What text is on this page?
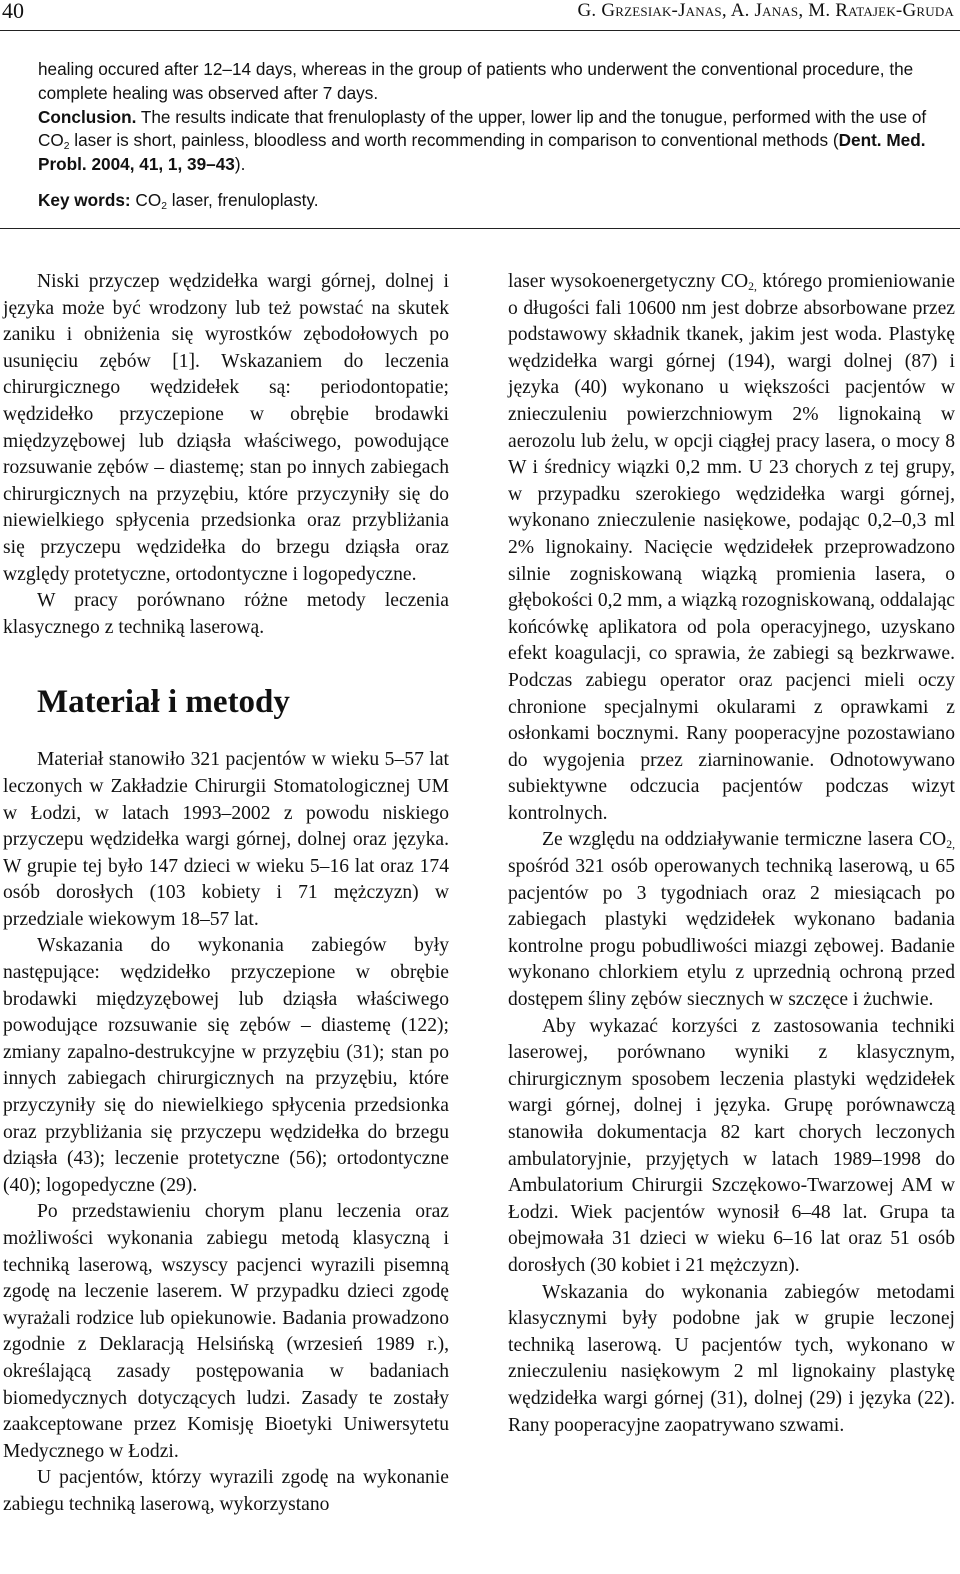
40	G. Grzesiak-Janas, A. Janas, M. Ratajek-Gruda

healing occured after 12–14 days, whereas in the group of patients who underwent the conventional procedure, the complete healing was observed after 7 days.

Conclusion. The results indicate that frenuloplasty of the upper, lower lip and the tonugue, performed with the use of $CO_2$ laser is short, painless, bloodless and worth recommending in comparison to conventional methods (Dent. Med. Probl. 2004, 41, 1, 39–43).

Key words: $CO_2$ laser, frenuloplasty.

Niski przyczep wędzidełka wargi górnej, dolnej i języka może być wrodzony lub też powstać na skutek zaniku i obniżenia się wyrostków zębodołowych po usunięciu zębów [1]. Wskazaniem do leczenia chirurgicznego wędzidełek są: periodontopatie; wędzidełko przyczepione w obrębie brodawki międzyzębowej lub dziąsła właściwego, powodujące rozsuwanie zębów – diastemę; stan po innych zabiegach chirurgicznych na przyzębiu, które przyczyniły się do niewielkiego spłycenia przedsionka oraz przybliżania się przyczepu wędzidełka do brzegu dziąsła oraz względy protetyczne, ortodontyczne i logopedyczne.

W pracy porównano różne metody leczenia klasycznego z techniką laserową.

Materiał i metody

Materiał stanowiło 321 pacjentów w wieku 5–57 lat leczonych w Zakładzie Chirurgii Stomatologicznej UM w Łodzi, w latach 1993–2002 z powodu niskiego przyczepu wędzidełka wargi górnej, dolnej oraz języka. W grupie tej było 147 dzieci w wieku 5–16 lat oraz 174 osób dorosłych (103 kobiety i 71 mężczyzn) w przedziale wiekowym 18–57 lat.

Wskazania do wykonania zabiegów były następujące: wędzidełko przyczepione w obrębie brodawki międzyzębowej lub dziąsła właściwego powodujące rozsuwanie się zębów – diastemę (122); zmiany zapalno-destrukcyjne w przyzębiu (31); stan po innych zabiegach chirurgicznych na przyzębiu, które przyczyniły się do niewielkiego spłycenia przedsionka oraz przybliżania się przyczepu wędzidełka do brzegu dziąsła (43); leczenie protetyczne (56); ortodontyczne (40); logopedyczne (29).

Po przedstawieniu chorym planu leczenia oraz możliwości wykonania zabiegu metodą klasyczną i techniką laserową, wszyscy pacjenci wyrazili pisemną zgodę na leczenie laserem. W przypadku dzieci zgodę wyrażali rodzice lub opiekunowie. Badania prowadzono zgodnie z Deklaracją Helsińską (wrzesień 1989 r.), określającą zasady postępowania w badaniach biomedycznych dotyczących ludzi. Zasady te zostały zaakceptowane przez Komisję Bioetyki Uniwersytetu Medycznego w Łodzi.

U pacjentów, którzy wyrazili zgodę na wykonanie zabiegu techniką laserową, wykorzystano

laser wysokoenergetyczny $CO_{2,}$ którego promieniowanie o długości fali 10600 nm jest dobrze absorbowane przez podstawowy składnik tkanek, jakim jest woda. Plastykę wędzidełka wargi górnej (194), wargi dolnej (87) i języka (40) wykonano u większości pacjentów w znieczuleniu powierzchniowym 2% lignokainą w aerozolu lub żelu, w opcji ciągłej pracy lasera, o mocy 8 W i średnicy wiązki 0,2 mm. U 23 chorych z tej grupy, w przypadku szerokiego wędzidełka wargi górnej, wykonano znieczulenie nasiękowe, podając 0,2–0,3 ml 2% lignokainy. Nacięcie wędzidełek przeprowadzono silnie zogniskowaną wiązką promienia lasera, o głębokości 0,2 mm, a wiązką rozogniskowaną, oddalając końcówkę aplikatora od pola operacyjnego, uzyskano efekt koagulacji, co sprawia, że zabiegi są bezkrwawe. Podczas zabiegu operator oraz pacjenci mieli oczy chronione specjalnymi okularami z oprawkami z osłonkami bocznymi. Rany pooperacyjne pozostawiano do wygojenia przez ziarninowanie. Odnotowywano subiektywne odczucia pacjentów podczas wizyt kontrolnych.

Ze względu na oddziaływanie termiczne lasera $CO_{2,}$ spośród 321 osób operowanych techniką laserową, u 65 pacjentów po 3 tygodniach oraz 2 miesiącach po zabiegach plastyki wędzidełek wykonano badania kontrolne progu pobudliwości miazgi zębowej. Badanie wykonano chlorkiem etylu z uprzednią ochroną przed dostępem śliny zębów siecznych w szczęce i żuchwie.

Aby wykazać korzyści z zastosowania techniki laserowej, porównano wyniki z klasycznym, chirurgicznym sposobem leczenia plastyki wędzidełek wargi górnej, dolnej i języka. Grupę porównawczą stanowiła dokumentacja 82 kart chorych leczonych ambulatoryjnie, przyjętych w latach 1989–1998 do Ambulatorium Chirurgii Szczękowo-Twarzowej AM w Łodzi. Wiek pacjentów wynosił 6–48 lat. Grupa ta obejmowała 31 dzieci w wieku 6–16 lat oraz 51 osób dorosłych (30 kobiet i 21 mężczyzn).

Wskazania do wykonania zabiegów metodami klasycznymi były podobne jak w grupie leczonej techniką laserową. U pacjentów tych, wykonano w znieczuleniu nasiękowym 2 ml lignokainy plastykę wędzidełka wargi górnej (31), dolnej (29) i języka (22). Rany pooperacyjne zaopatrywano szwami.
